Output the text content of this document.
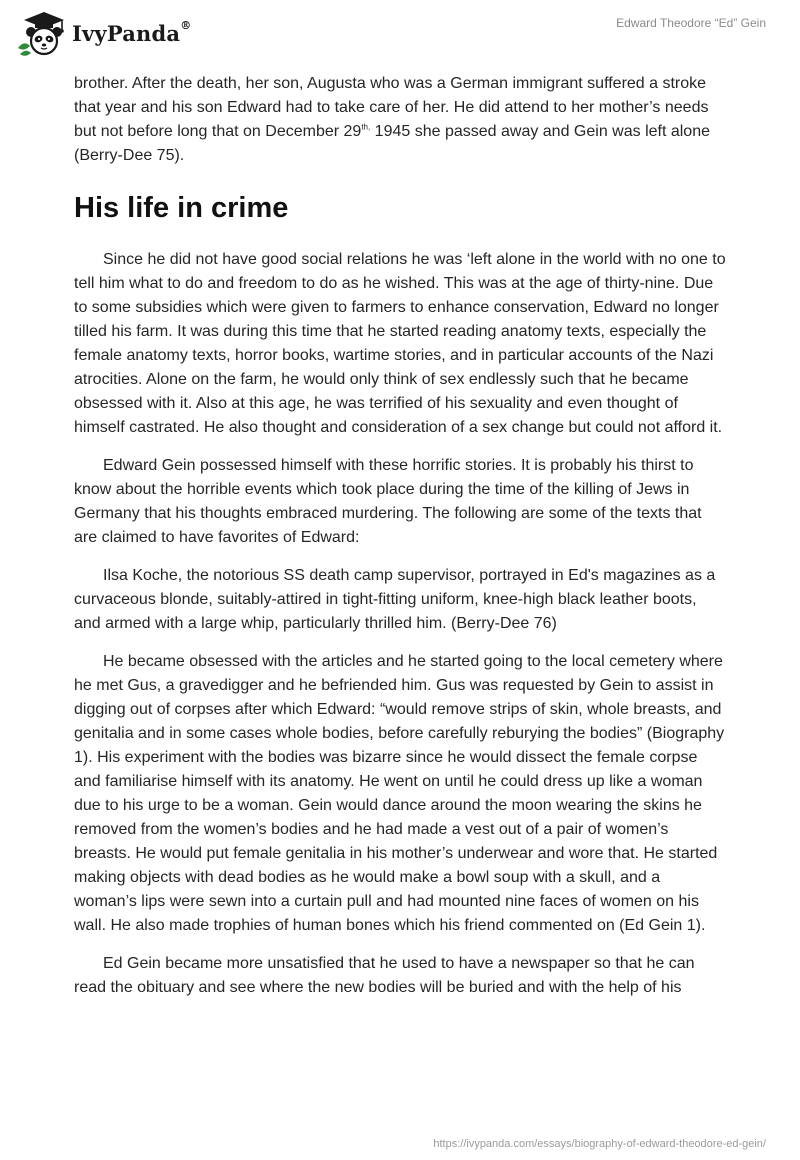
IvyPanda®	Edward Theodore “Ed” Gein

brother. After the death, her son, Augusta who was a German immigrant suffered a stroke that year and his son Edward had to take care of her. He did attend to her mother’s needs but not before long that on December $29^{th,}$ 1945 she passed away and Gein was left alone (Berry-Dee 75).

His life in crime

Since he did not have good social relations he was ‘left alone in the world with no one to tell him what to do and freedom to do as he wished. This was at the age of thirty-nine. Due to some subsidies which were given to farmers to enhance conservation, Edward no longer tilled his farm. It was during this time that he started reading anatomy texts, especially the female anatomy texts, horror books, wartime stories, and in particular accounts of the Nazi atrocities. Alone on the farm, he would only think of sex endlessly such that he became obsessed with it. Also at this age, he was terrified of his sexuality and even thought of himself castrated. He also thought and consideration of a sex change but could not afford it.

Edward Gein possessed himself with these horrific stories. It is probably his thirst to know about the horrible events which took place during the time of the killing of Jews in Germany that his thoughts embraced murdering. The following are some of the texts that are claimed to have favorites of Edward:

Ilsa Koche, the notorious SS death camp supervisor, portrayed in Ed's magazines as a curvaceous blonde, suitably-attired in tight-fitting uniform, knee-high black leather boots, and armed with a large whip, particularly thrilled him. (Berry-Dee 76)

He became obsessed with the articles and he started going to the local cemetery where he met Gus, a gravedigger and he befriended him. Gus was requested by Gein to assist in digging out of corpses after which Edward: “would remove strips of skin, whole breasts, and genitalia and in some cases whole bodies, before carefully reburying the bodies” (Biography 1). His experiment with the bodies was bizarre since he would dissect the female corpse and familiarise himself with its anatomy. He went on until he could dress up like a woman due to his urge to be a woman. Gein would dance around the moon wearing the skins he removed from the women’s bodies and he had made a vest out of a pair of women’s breasts. He would put female genitalia in his mother’s underwear and wore that. He started making objects with dead bodies as he would make a bowl soup with a skull, and a woman’s lips were sewn into a curtain pull and had mounted nine faces of women on his wall. He also made trophies of human bones which his friend commented on (Ed Gein 1).

Ed Gein became more unsatisfied that he used to have a newspaper so that he can read the obituary and see where the new bodies will be buried and with the help of his

https://ivypanda.com/essays/biography-of-edward-theodore-ed-gein/
